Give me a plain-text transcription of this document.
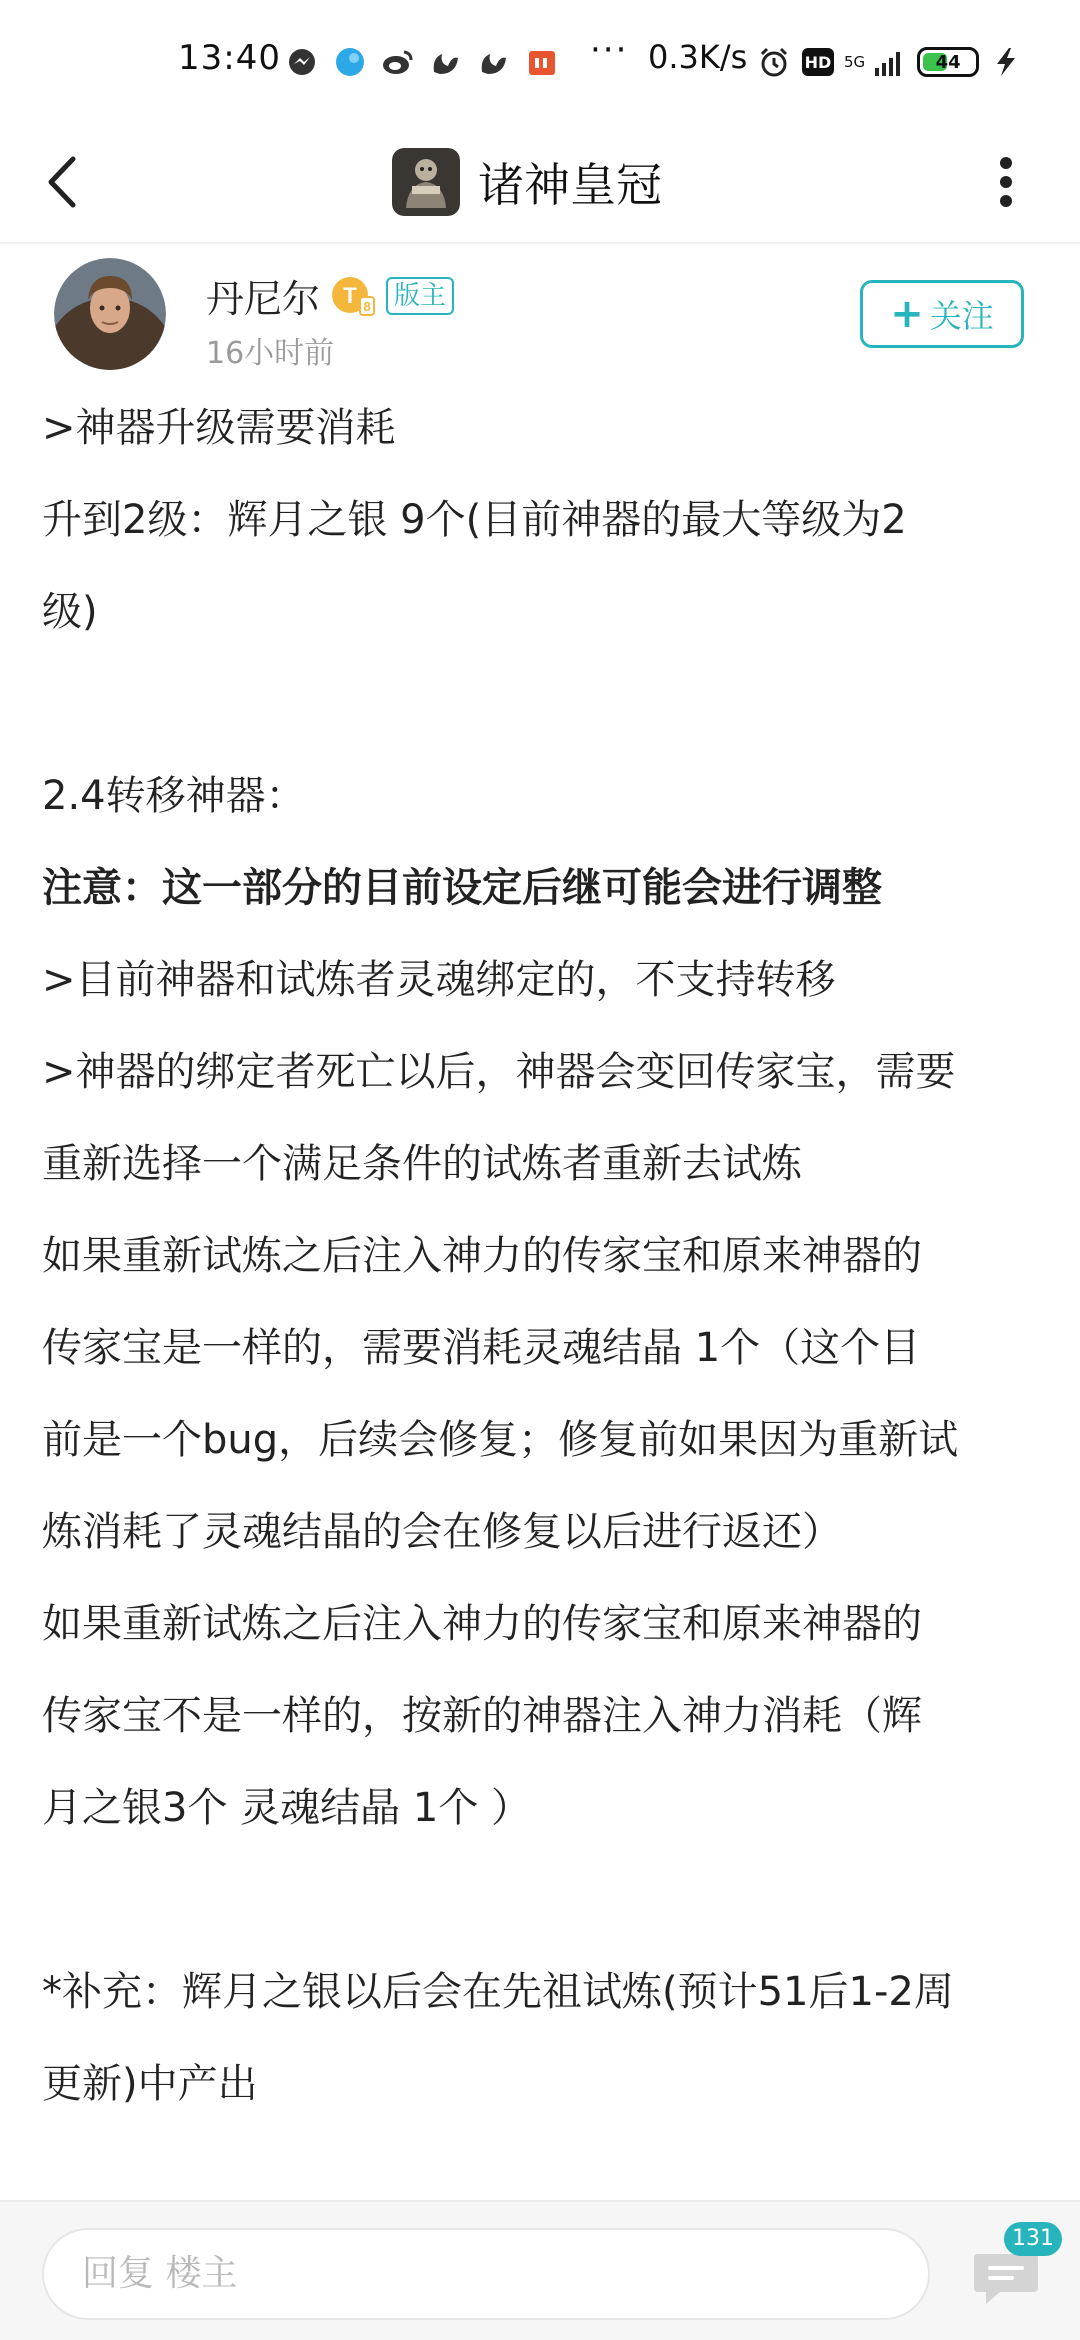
13:40	··· 0.3K/s	HD 5G	44
诸神皇冠
丹尼尔 T 8 版主
16小时前
+ 关注
>神器升级需要消耗
升到2级：辉月之银 9个(目前神器的最大等级为2
级)
2.4转移神器：
注意：这一部分的目前设定后继可能会进行调整
>目前神器和试炼者灵魂绑定的，不支持转移
>神器的绑定者死亡以后，神器会变回传家宝，需要
重新选择一个满足条件的试炼者重新去试炼
如果重新试炼之后注入神力的传家宝和原来神器的
传家宝是一样的，需要消耗灵魂结晶 1个（这个目
前是一个bug，后续会修复；修复前如果因为重新试
炼消耗了灵魂结晶的会在修复以后进行返还）
如果重新试炼之后注入神力的传家宝和原来神器的
传家宝不是一样的，按新的神器注入神力消耗（辉
月之银3个 灵魂结晶 1个 ）
*补充：辉月之银以后会在先祖试炼(预计51后1-2周
更新)中产出
回复 楼主
131
